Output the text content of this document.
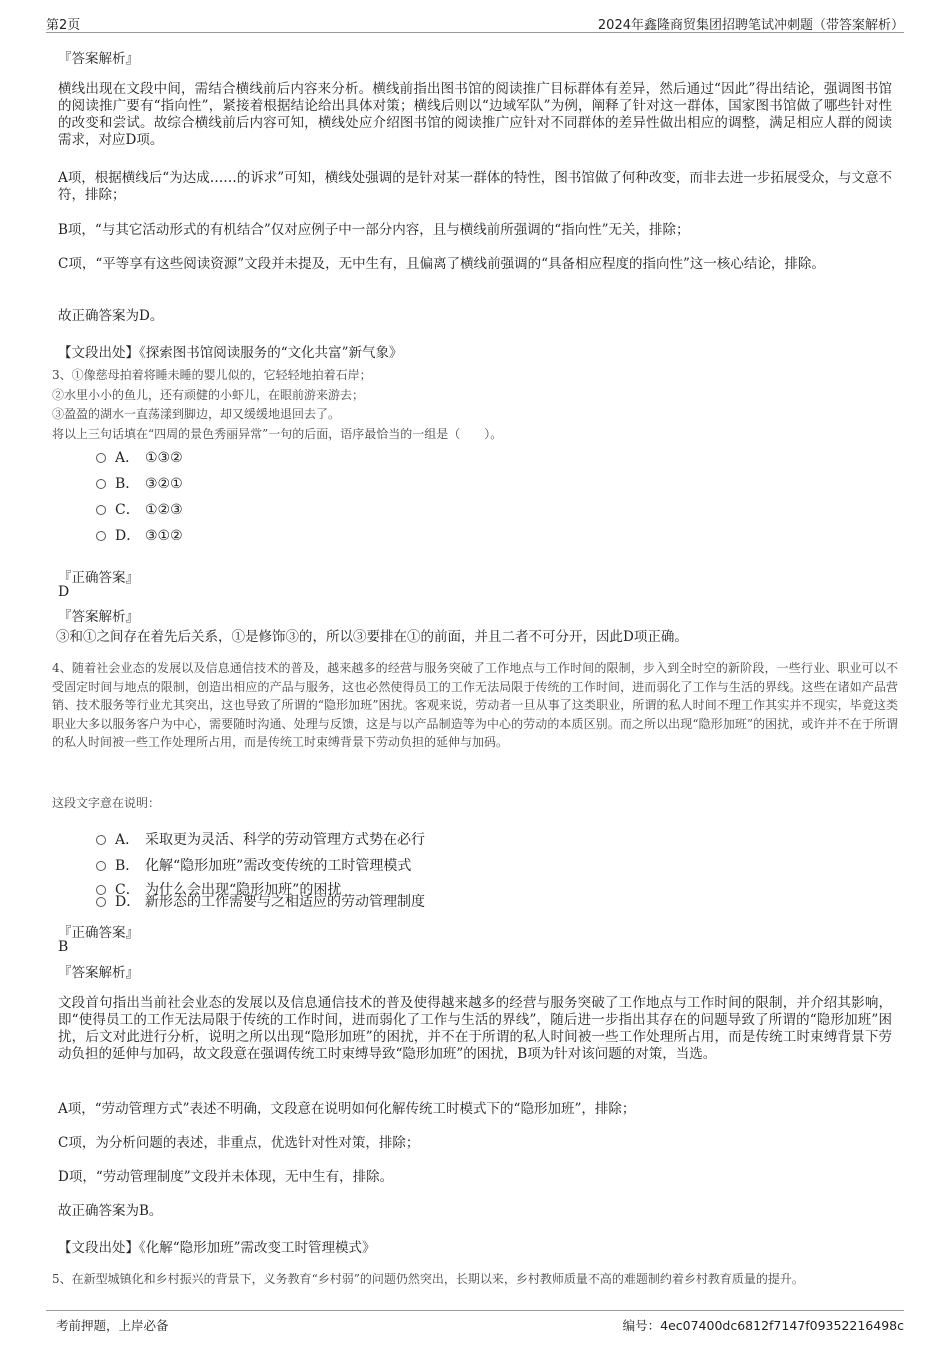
第2页	2024年鑫隆商贸集团招聘笔试冲刺题（带答案解析）
『答案解析』

横线出现在文段中间，需结合横线前后内容来分析。横线前指出图书馆的阅读推广目标群体有差异，然后通过“因此”得出结论，强调图书馆的阅读推广要有“指向性”，紧接着根据结论给出具体对策；横线后则以“边域军队”为例，阐释了针对这一群体，国家图书馆做了哪些针对性的改变和尝试。故综合横线前后内容可知，横线处应介绍图书馆的阅读推广应针对不同群体的差异性做出相应的调整，满足相应人群的阅读需求，对应D项。

A项，根据横线后“为达成……的诉求”可知，横线处强调的是针对某一群体的特性，图书馆做了何种改变，而非去进一步拓展受众，与文意不符，排除；

B项，“与其它活动形式的有机结合”仅对应例子中一部分内容，且与横线前所强调的“指向性”无关，排除；

C项，“平等享有这些阅读资源”文段并未提及，无中生有，且偏离了横线前强调的“具备相应程度的指向性”这一核心结论，排除。

故正确答案为D。

【文段出处】《探索图书馆阅读服务的“文化共富”新气象》

3、①像慈母拍着将睡未睡的婴儿似的，它轻轻地拍着石岸；

②水里小小的鱼儿，还有顽健的小虾儿，在眼前游来游去；

③盈盈的湖水一直荡漾到脚边，却又缓缓地退回去了。

将以上三句话填在“四周的景色秀丽异常”一句的后面，语序最恰当的一组是（　　）。

A． ①③②
B． ③②①
C． ①②③
D． ③①②
『正确答案』
D
『答案解析』
③和①之间存在着先后关系，①是修饰③的，所以③要排在①的前面，并且二者不可分开，因此D项正确。

4、随着社会业态的发展以及信息通信技术的普及，越来越多的经营与服务突破了工作地点与工作时间的限制，步入到全时空的新阶段，一些行业、职业可以不受固定时间与地点的限制，创造出相应的产品与服务，这也必然使得员工的工作无法局限于传统的工作时间，进而弱化了工作与生活的界线。这些在诸如产品营销、技术服务等行业尤其突出，这也导致了所谓的“隐形加班”困扰。客观来说，劳动者一旦从事了这类职业，所谓的私人时间不理工作其实并不现实，毕竟这类职业大多以服务客户为中心，需要随时沟通、处理与反馈，这是与以产品制造等为中心的劳动的本质区别。而之所以出现“隐形加班”的困扰，或许并不在于所谓的私人时间被一些工作处理所占用，而是传统工时束缚背景下劳动负担的延伸与加码。

这段文字意在说明：

A． 采取更为灵活、科学的劳动管理方式势在必行
B． 化解“隐形加班”需改变传统的工时管理模式
C． 为什么会出现“隐形加班”的困扰
D． 新形态的工作需要与之相适应的劳动管理制度
『正确答案』
B
『答案解析』

文段首句指出当前社会业态的发展以及信息通信技术的普及使得越来越多的经营与服务突破了工作地点与工作时间的限制，并介绍其影响，即“使得员工的工作无法局限于传统的工作时间，进而弱化了工作与生活的界线”，随后进一步指出其存在的问题导致了所谓的“隐形加班”困扰，后文对此进行分析，说明之所以出现“隐形加班”的困扰，并不在于所谓的私人时间被一些工作处理所占用，而是传统工时束缚背景下劳动负担的延伸与加码，故文段意在强调传统工时束缚导致“隐形加班”的困扰，B项为针对该问题的对策，当选。

A项，“劳动管理方式”表述不明确，文段意在说明如何化解传统工时模式下的“隐形加班”，排除；

C项，为分析问题的表述，非重点，优选针对性对策，排除；

D项，“劳动管理制度”文段并未体现，无中生有，排除。

故正确答案为B。

【文段出处】《化解“隐形加班”需改变工时管理模式》

5、在新型城镇化和乡村振兴的背景下，义务教育“乡村弱”的问题仍然突出，长期以来，乡村教师质量不高的难题制约着乡村教育质量的提升。

考前押题，上岸必备	编号：4ec07400dc6812f7147f09352216498c
